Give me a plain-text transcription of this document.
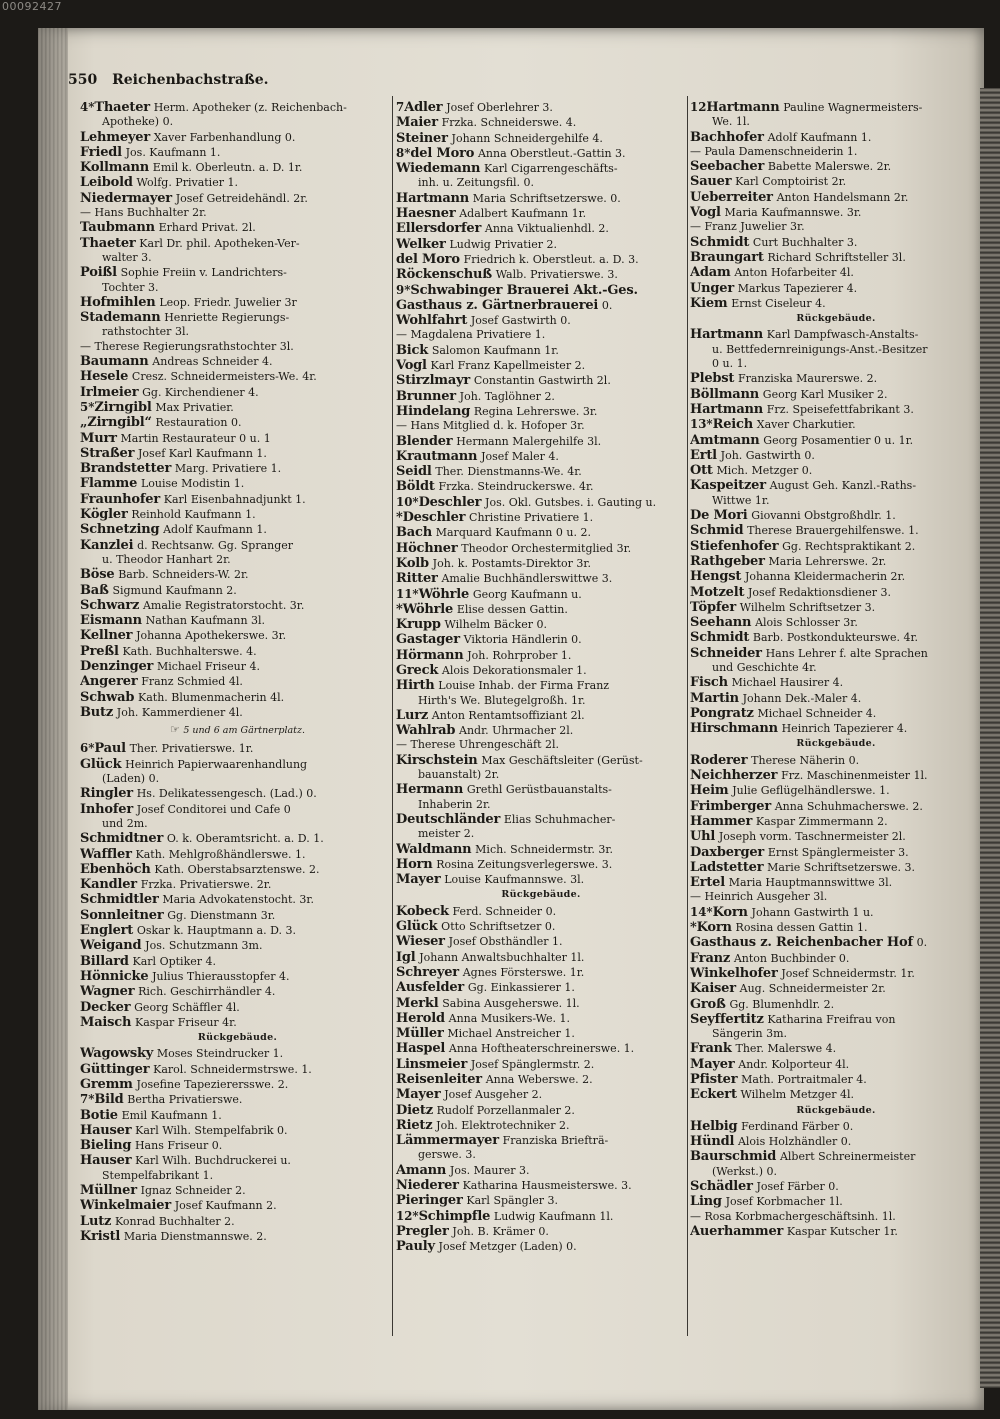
00092427
550 Reichenbachstraße.
4*Thaeter Herm. Apotheker (z. Reichenbach-
Apotheke) 0.
Lehmeyer Xaver Farbenhandlung 0.
Friedl Jos. Kaufmann 1.
Kollmann Emil k. Oberleutn. a. D. 1r.
Leibold Wolfg. Privatier 1.
Niedermayer Josef Getreidehändl. 2r.
— Hans Buchhalter 2r.
Taubmann Erhard Privat. 2l.
Thaeter Karl Dr. phil. Apotheken-Ver-
walter 3.
Poißl Sophie Freiin v. Landrichters-
Tochter 3.
Hofmihlen Leop. Friedr. Juwelier 3r
Stademann Henriette Regierungs-
rathstochter 3l.
— Therese Regierungsrathstochter 3l.
Baumann Andreas Schneider 4.
Hesele Cresz. Schneidermeisters-We. 4r.
Irlmeier Gg. Kirchendiener 4.
5*Zirngibl Max Privatier.
„Zirngibl“ Restauration 0.
Murr Martin Restaurateur 0 u. 1
Straßer Josef Karl Kaufmann 1.
Brandstetter Marg. Privatiere 1.
Flamme Louise Modistin 1.
Fraunhofer Karl Eisenbahnadjunkt 1.
Kögler Reinhold Kaufmann 1.
Schnetzing Adolf Kaufmann 1.
Kanzlei d. Rechtsanw. Gg. Spranger
u. Theodor Hanhart 2r.
Böse Barb. Schneiders-W. 2r.
Baß Sigmund Kaufmann 2.
Schwarz Amalie Registratorstocht. 3r.
Eismann Nathan Kaufmann 3l.
Kellner Johanna Apothekerswe. 3r.
Preßl Kath. Buchhalterswe. 4.
Denzinger Michael Friseur 4.
Angerer Franz Schmied 4l.
Schwab Kath. Blumenmacherin 4l.
Butz Joh. Kammerdiener 4l.
☞ 5 und 6 am Gärtnerplatz.
6*Paul Ther. Privatierswe. 1r.
Glück Heinrich Papierwaarenhandlung
(Laden) 0.
Ringler Hs. Delikatessengesch. (Lad.) 0.
Inhofer Josef Conditorei und Cafe 0
und 2m.
Schmidtner O. k. Oberamtsricht. a. D. 1.
Waffler Kath. Mehlgroßhändlerswe. 1.
Ebenhöch Kath. Oberstabsarztenswe. 2.
Kandler Frzka. Privatierswe. 2r.
Schmidtler Maria Advokatenstocht. 3r.
Sonnleitner Gg. Dienstmann 3r.
Englert Oskar k. Hauptmann a. D. 3.
Weigand Jos. Schutzmann 3m.
Billard Karl Optiker 4.
Hönnicke Julius Thierausstopfer 4.
Wagner Rich. Geschirrhändler 4.
Decker Georg Schäffler 4l.
Maisch Kaspar Friseur 4r.
Rückgebäude.
Wagowsky Moses Steindrucker 1.
Güttinger Karol. Schneidermstrswe. 1.
Gremm Josefine Tapezierersswe. 2.
7*Bild Bertha Privatierswe.
Botie Emil Kaufmann 1.
Hauser Karl Wilh. Stempelfabrik 0.
Bieling Hans Friseur 0.
Hauser Karl Wilh. Buchdruckerei u.
Stempelfabrikant 1.
Müllner Ignaz Schneider 2.
Winkelmaier Josef Kaufmann 2.
Lutz Konrad Buchhalter 2.
Kristl Maria Dienstmannswe. 2.
7Adler Josef Oberlehrer 3.
Maier Frzka. Schneiderswe. 4.
Steiner Johann Schneidergehilfe 4.
8*del Moro Anna Oberstleut.-Gattin 3.
Wiedemann Karl Cigarrengeschäfts-
inh. u. Zeitungsfil. 0.
Hartmann Maria Schriftsetzerswe. 0.
Haesner Adalbert Kaufmann 1r.
Ellersdorfer Anna Viktualienhdl. 2.
Welker Ludwig Privatier 2.
del Moro Friedrich k. Oberstleut. a. D. 3.
Röckenschuß Walb. Privatierswe. 3.
9*Schwabinger Brauerei Akt.-Ges.
Gasthaus z. Gärtnerbrauerei 0.
Wohlfahrt Josef Gastwirth 0.
— Magdalena Privatiere 1.
Bick Salomon Kaufmann 1r.
Vogl Karl Franz Kapellmeister 2.
Stirzlmayr Constantin Gastwirth 2l.
Brunner Joh. Taglöhner 2.
Hindelang Regina Lehrerswe. 3r.
— Hans Mitglied d. k. Hofoper 3r.
Blender Hermann Malergehilfe 3l.
Krautmann Josef Maler 4.
Seidl Ther. Dienstmanns-We. 4r.
Böldt Frzka. Steindruckerswe. 4r.
10*Deschler Jos. Okl. Gutsbes. i. Gauting u.
*Deschler Christine Privatiere 1.
Bach Marquard Kaufmann 0 u. 2.
Höchner Theodor Orchestermitglied 3r.
Kolb Joh. k. Postamts-Direktor 3r.
Ritter Amalie Buchhändlerswittwe 3.
11*Wöhrle Georg Kaufmann u.
*Wöhrle Elise dessen Gattin.
Krupp Wilhelm Bäcker 0.
Gastager Viktoria Händlerin 0.
Hörmann Joh. Rohrprober 1.
Greck Alois Dekorationsmaler 1.
Hirth Louise Inhab. der Firma Franz
Hirth's We. Blutegelgroßh. 1r.
Lurz Anton Rentamtsoffiziant 2l.
Wahlrab Andr. Uhrmacher 2l.
— Therese Uhrengeschäft 2l.
Kirschstein Max Geschäftsleiter (Gerüst-
bauanstalt) 2r.
Hermann Grethl Gerüstbauanstalts-
Inhaberin 2r.
Deutschländer Elias Schuhmacher-
meister 2.
Waldmann Mich. Schneidermstr. 3r.
Horn Rosina Zeitungsverlegerswe. 3.
Mayer Louise Kaufmannswe. 3l.
Rückgebäude.
Kobeck Ferd. Schneider 0.
Glück Otto Schriftsetzer 0.
Wieser Josef Obsthändler 1.
Igl Johann Anwaltsbuchhalter 1l.
Schreyer Agnes Försterswe. 1r.
Ausfelder Gg. Einkassierer 1.
Merkl Sabina Ausgeherswe. 1l.
Herold Anna Musikers-We. 1.
Müller Michael Anstreicher 1.
Haspel Anna Hoftheaterschreinerswe. 1.
Linsmeier Josef Spänglermstr. 2.
Reisenleiter Anna Weberswe. 2.
Mayer Josef Ausgeher 2.
Dietz Rudolf Porzellanmaler 2.
Rietz Joh. Elektrotechniker 2.
Lämmermayer Franziska Briefträ-
gerswe. 3.
Amann Jos. Maurer 3.
Niederer Katharina Hausmeisterswe. 3.
Pieringer Karl Spängler 3.
12*Schimpfle Ludwig Kaufmann 1l.
Pregler Joh. B. Krämer 0.
Pauly Josef Metzger (Laden) 0.
12Hartmann Pauline Wagnermeisters-
We. 1l.
Bachhofer Adolf Kaufmann 1.
— Paula Damenschneiderin 1.
Seebacher Babette Malerswe. 2r.
Sauer Karl Comptoirist 2r.
Ueberreiter Anton Handelsmann 2r.
Vogl Maria Kaufmannswe. 3r.
— Franz Juwelier 3r.
Schmidt Curt Buchhalter 3.
Braungart Richard Schriftsteller 3l.
Adam Anton Hofarbeiter 4l.
Unger Markus Tapezierer 4.
Kiem Ernst Ciseleur 4.
Rückgebäude.
Hartmann Karl Dampfwasch-Anstalts-
u. Bettfedernreinigungs-Anst.-Besitzer
0 u. 1.
Plebst Franziska Maurerswe. 2.
Böllmann Georg Karl Musiker 2.
Hartmann Frz. Speisefettfabrikant 3.
13*Reich Xaver Charkutier.
Amtmann Georg Posamentier 0 u. 1r.
Ertl Joh. Gastwirth 0.
Ott Mich. Metzger 0.
Kaspeitzer August Geh. Kanzl.-Raths-
Wittwe 1r.
De Mori Giovanni Obstgroßhdlr. 1.
Schmid Therese Brauergehilfenswe. 1.
Stiefenhofer Gg. Rechtspraktikant 2.
Rathgeber Maria Lehrerswe. 2r.
Hengst Johanna Kleidermacherin 2r.
Motzelt Josef Redaktionsdiener 3.
Töpfer Wilhelm Schriftsetzer 3.
Seehann Alois Schlosser 3r.
Schmidt Barb. Postkondukteurswe. 4r.
Schneider Hans Lehrer f. alte Sprachen
und Geschichte 4r.
Fisch Michael Hausirer 4.
Martin Johann Dek.-Maler 4.
Pongratz Michael Schneider 4.
Hirschmann Heinrich Tapezierer 4.
Rückgebäude.
Roderer Therese Näherin 0.
Neichherzer Frz. Maschinenmeister 1l.
Heim Julie Geflügelhändlerswe. 1.
Frimberger Anna Schuhmacherswe. 2.
Hammer Kaspar Zimmermann 2.
Uhl Joseph vorm. Taschnermeister 2l.
Daxberger Ernst Spänglermeister 3.
Ladstetter Marie Schriftsetzerswe. 3.
Ertel Maria Hauptmannswittwe 3l.
— Heinrich Ausgeher 3l.
14*Korn Johann Gastwirth 1 u.
*Korn Rosina dessen Gattin 1.
Gasthaus z. Reichenbacher Hof 0.
Franz Anton Buchbinder 0.
Winkelhofer Josef Schneidermstr. 1r.
Kaiser Aug. Schneidermeister 2r.
Groß Gg. Blumenhdlr. 2.
Seyffertitz Katharina Freifrau von
Sängerin 3m.
Frank Ther. Malerswe 4.
Mayer Andr. Kolporteur 4l.
Pfister Math. Portraitmaler 4.
Eckert Wilhelm Metzger 4l.
Rückgebäude.
Helbig Ferdinand Färber 0.
Hündl Alois Holzhändler 0.
Baurschmid Albert Schreinermeister
(Werkst.) 0.
Schädler Josef Färber 0.
Ling Josef Korbmacher 1l.
— Rosa Korbmachergeschäftsinh. 1l.
Auerhammer Kaspar Kutscher 1r.
